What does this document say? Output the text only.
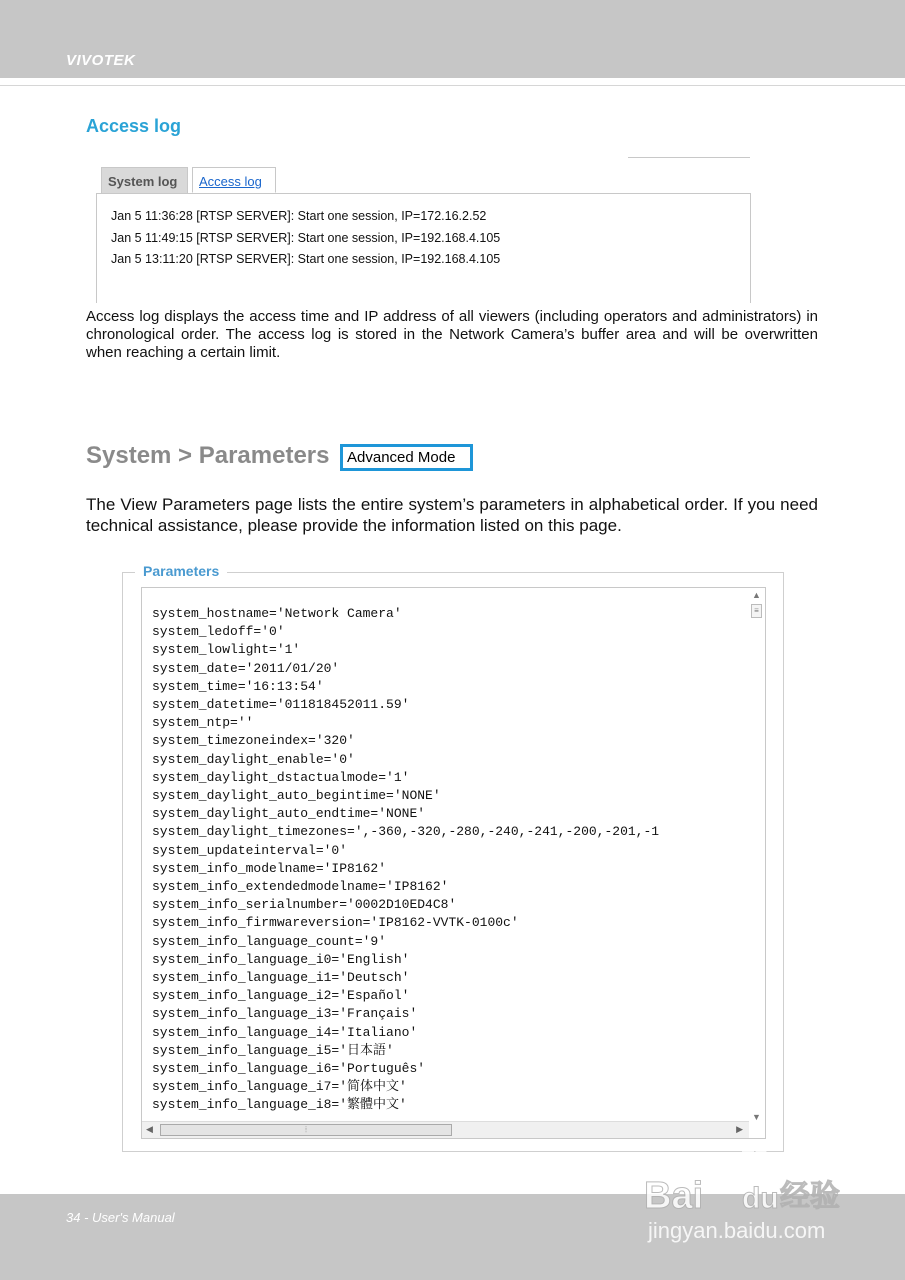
VIVOTEK
Access log
System log	Access log
Jan 5 11:36:28 [RTSP SERVER]: Start one session, IP=172.16.2.52
Jan 5 11:49:15 [RTSP SERVER]: Start one session, IP=192.168.4.105
Jan 5 13:11:20 [RTSP SERVER]: Start one session, IP=192.168.4.105
Access log displays the access time and IP address of all viewers (including operators and administrators) in chronological order. The access log is stored in the Network Camera’s buffer area and will be overwritten when reaching a certain limit.
System > Parameters	Advanced Mode
The View Parameters page lists the entire system’s parameters in alphabetical order. If you need technical assistance, please provide the information listed on this page.
Parameters
system_hostname='Network Camera'
system_ledoff='0'
system_lowlight='1'
system_date='2011/01/20'
system_time='16:13:54'
system_datetime='011818452011.59'
system_ntp=''
system_timezoneindex='320'
system_daylight_enable='0'
system_daylight_dstactualmode='1'
system_daylight_auto_begintime='NONE'
system_daylight_auto_endtime='NONE'
system_daylight_timezones=',-360,-320,-280,-240,-241,-200,-201,-1
system_updateinterval='0'
system_info_modelname='IP8162'
system_info_extendedmodelname='IP8162'
system_info_serialnumber='0002D10ED4C8'
system_info_firmwareversion='IP8162-VVTK-0100c'
system_info_language_count='9'
system_info_language_i0='English'
system_info_language_i1='Deutsch'
system_info_language_i2='Español'
system_info_language_i3='Français'
system_info_language_i4='Italiano'
system_info_language_i5='日本語'
system_info_language_i6='Português'
system_info_language_i7='简体中文'
system_info_language_i8='繁體中文'
▲
≡
▼
◀	⦙	▶
34 - User's Manual
Bai du 经验
jingyan.baidu.com
